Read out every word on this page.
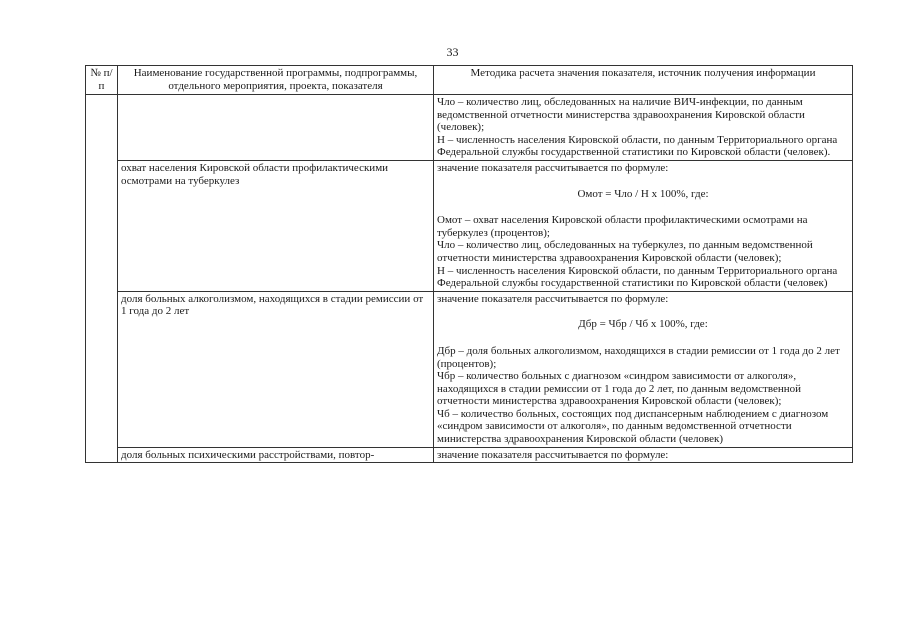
33
№ п/п	Наименование государственной программы, подпрограммы, отдельного мероприятия, проекта, показателя	Методика расчета значения показателя, источник получения информации

		Чло – количество лиц, обследованных на наличие ВИЧ-инфекции, по данным ведомственной отчетности министерства здравоохранения Кировской области (человек);
Н – численность населения Кировской области, по данным Территориального органа Федеральной службы государственной статистики по Кировской области (человек).

	охват населения Кировской области профилактическими осмотрами на туберкулез	значение показателя рассчитывается по формуле:
Омот = Чло / Н х 100%, где:
Омот – охват населения Кировской области профилактическими осмотрами на туберкулез (процентов);
Чло – количество лиц, обследованных на туберкулез, по данным ведомственной отчетности министерства здравоохранения Кировской области (человек);
Н – численность населения Кировской области, по данным Территориального органа Федеральной службы государственной статистики по Кировской области (человек)

	доля больных алкоголизмом, находящихся в стадии ремиссии от 1 года до 2 лет	значение показателя рассчитывается по формуле:
Дбр = Чбр / Чб х 100%, где:
Дбр – доля больных алкоголизмом, находящихся в стадии ремиссии от 1 года до 2 лет (процентов);
Чбр – количество больных с диагнозом «синдром зависимости от алкоголя», находящихся в стадии ремиссии от 1 года до 2 лет, по данным ведомственной отчетности министерства здравоохранения Кировской области (человек);
Чб – количество больных, состоящих под диспансерным наблюдением с диагнозом «синдром зависимости от алкоголя», по данным ведомственной отчетности министерства здравоохранения Кировской области (человек)

	доля больных психическими расстройствами, повтор-	значение показателя рассчитывается по формуле:
